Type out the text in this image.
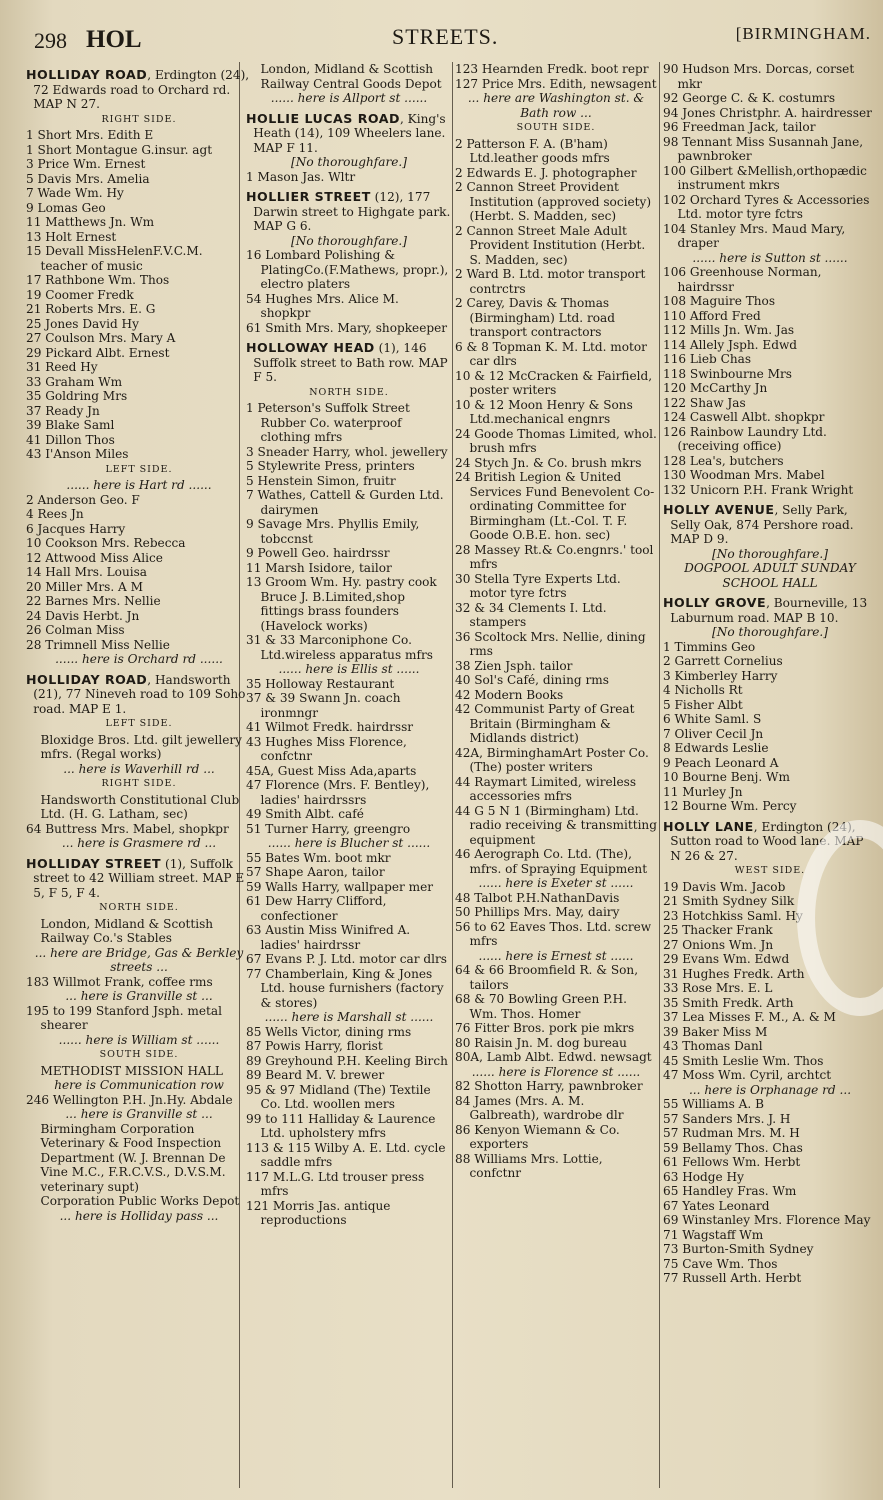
298 HOL	STREETS.	[BIRMINGHAM.
HOLLIDAY ROAD, Erdington (24), 72 Edwards road to Orchard rd. MAP N 27.
RIGHT SIDE.
1 Short Mrs. Edith E
1 Short Montague G.insur. agt
3 Price Wm. Ernest
5 Davis Mrs. Amelia
7 Wade Wm. Hy
9 Lomas Geo
11 Matthews Jn. Wm
13 Holt Ernest
15 Devall MissHelenF.V.C.M. teacher of music
17 Rathbone Wm. Thos
19 Coomer Fredk
21 Roberts Mrs. E. G
25 Jones David Hy
27 Coulson Mrs. Mary A
29 Pickard Albt. Ernest
31 Reed Hy
33 Graham Wm
35 Goldring Mrs
37 Ready Jn
39 Blake Saml
41 Dillon Thos
43 I'Anson Miles
LEFT SIDE.
...... here is Hart rd ......
2 Anderson Geo. F
4 Rees Jn
6 Jacques Harry
10 Cookson Mrs. Rebecca
12 Attwood Miss Alice
14 Hall Mrs. Louisa
20 Miller Mrs. A M
22 Barnes Mrs. Nellie
24 Davis Herbt. Jn
26 Colman Miss
28 Trimnell Miss Nellie
...... here is Orchard rd ......
HOLLIDAY ROAD, Handsworth (21), 77 Nineveh road to 109 Soho road. MAP E 1.
LEFT SIDE.
Bloxidge Bros. Ltd. gilt jewellery mfrs. (Regal works)
... here is Waverhill rd ...
RIGHT SIDE.
Handsworth Constitutional Club Ltd. (H. G. Latham, sec)
64 Buttress Mrs. Mabel, shopkpr
... here is Grasmere rd ...
HOLLIDAY STREET (1), Suffolk street to 42 William street. MAP E 5, F 5, F 4.
NORTH SIDE.
London, Midland & Scottish Railway Co.'s Stables
... here are Bridge, Gas & Berkley streets ...
183 Willmot Frank, coffee rms
... here is Granville st ...
195 to 199 Stanford Jsph. metal shearer
...... here is William st ......
SOUTH SIDE.
METHODIST MISSION HALL
here is Communication row
246 Wellington P.H. Jn.Hy. Abdale
... here is Granville st ...
Birmingham Corporation Veterinary & Food Inspection Department (W. J. Brennan De Vine M.C., F.R.C.V.S., D.V.S.M. veterinary supt)
Corporation Public Works Depot
... here is Holliday pass ...
London, Midland & Scottish Railway Central Goods Depot
...... here is Allport st ......
HOLLIE LUCAS ROAD, King's Heath (14), 109 Wheelers lane. MAP F 11.
[No thoroughfare.]
1 Mason Jas. Wltr
HOLLIER STREET (12), 177 Darwin street to Highgate park. MAP G 6.
[No thoroughfare.]
16 Lombard Polishing & PlatingCo.(F.Mathews, propr.), electro platers
54 Hughes Mrs. Alice M. shopkpr
61 Smith Mrs. Mary, shopkeeper
HOLLOWAY HEAD (1), 146 Suffolk street to Bath row. MAP F 5.
NORTH SIDE.
1 Peterson's Suffolk Street Rubber Co. waterproof clothing mfrs
3 Sneader Harry, whol. jewellery
5 Stylewrite Press, printers
5 Henstein Simon, fruitr
7 Wathes, Cattell & Gurden Ltd. dairymen
9 Savage Mrs. Phyllis Emily, tobccnst
9 Powell Geo. hairdrssr
11 Marsh Isidore, tailor
13 Groom Wm. Hy. pastry cook
Bruce J. B.Limited,shop fittings brass founders (Havelock works)
31 & 33 Marconiphone Co. Ltd.wireless apparatus mfrs
...... here is Ellis st ......
35 Holloway Restaurant
37 & 39 Swann Jn. coach ironmngr
41 Wilmot Fredk. hairdrssr
43 Hughes Miss Florence, confctnr
45A, Guest Miss Ada,aparts
47 Florence (Mrs. F. Bentley), ladies' hairdrssrs
49 Smith Albt. café
51 Turner Harry, greengro
...... here is Blucher st ......
55 Bates Wm. boot mkr
57 Shape Aaron, tailor
59 Walls Harry, wallpaper mer
61 Dew Harry Clifford, confectioner
63 Austin Miss Winifred A. ladies' hairdrssr
67 Evans P. J. Ltd. motor car dlrs
77 Chamberlain, King & Jones Ltd. house furnishers (factory & stores)
...... here is Marshall st ......
85 Wells Victor, dining rms
87 Powis Harry, florist
89 Greyhound P.H. Keeling Birch
89 Beard M. V. brewer
95 & 97 Midland (The) Textile Co. Ltd. woollen mers
99 to 111 Halliday & Laurence Ltd. upholstery mfrs
113 & 115 Wilby A. E. Ltd. cycle saddle mfrs
117 M.L.G. Ltd trouser press mfrs
121 Morris Jas. antique reproductions
123 Hearnden Fredk. boot repr
127 Price Mrs. Edith, newsagent
... here are Washington st. & Bath row ...
SOUTH SIDE.
2 Patterson F. A. (B'ham) Ltd.leather goods mfrs
2 Edwards E. J. photographer
2 Cannon Street Provident Institution (approved society) (Herbt. S. Madden, sec)
2 Cannon Street Male Adult Provident Institution (Herbt. S. Madden, sec)
2 Ward B. Ltd. motor transport contrctrs
2 Carey, Davis & Thomas (Birmingham) Ltd. road transport contractors
6 & 8 Topman K. M. Ltd. motor car dlrs
10 & 12 McCracken & Fairfield, poster writers
10 & 12 Moon Henry & Sons Ltd.mechanical engnrs
24 Goode Thomas Limited, whol. brush mfrs
24 Stych Jn. & Co. brush mkrs
24 British Legion & United Services Fund Benevolent Co-ordinating Committee for Birmingham (Lt.-Col. T. F. Goode O.B.E. hon. sec)
28 Massey Rt.& Co.engnrs.' tool mfrs
30 Stella Tyre Experts Ltd. motor tyre fctrs
32 & 34 Clements I. Ltd. stampers
36 Scoltock Mrs. Nellie, dining rms
38 Zien Jsph. tailor
40 Sol's Café, dining rms
42 Modern Books
42 Communist Party of Great Britain (Birmingham & Midlands district)
42A, BirminghamArt Poster Co. (The) poster writers
44 Raymart Limited, wireless accessories mfrs
44 G 5 N 1 (Birmingham) Ltd. radio receiving & transmitting equipment
46 Aerograph Co. Ltd. (The), mfrs. of Spraying Equipment
...... here is Exeter st ......
48 Talbot P.H.NathanDavis
50 Phillips Mrs. May, dairy
56 to 62 Eaves Thos. Ltd. screw mfrs
...... here is Ernest st ......
64 & 66 Broomfield R. & Son, tailors
68 & 70 Bowling Green P.H. Wm. Thos. Homer
76 Fitter Bros. pork pie mkrs
80 Raisin Jn. M. dog bureau
80A, Lamb Albt. Edwd. newsagt
...... here is Florence st ......
82 Shotton Harry, pawnbroker
84 James (Mrs. A. M. Galbreath), wardrobe dlr
86 Kenyon Wiemann & Co. exporters
88 Williams Mrs. Lottie, confctnr
90 Hudson Mrs. Dorcas, corset mkr
92 George C. & K. costumrs
94 Jones Christphr. A. hairdresser
96 Freedman Jack, tailor
98 Tennant Miss Susannah Jane, pawnbroker
100 Gilbert &Mellish,orthopædic instrument mkrs
102 Orchard Tyres & Accessories Ltd. motor tyre fctrs
104 Stanley Mrs. Maud Mary, draper
...... here is Sutton st ......
106 Greenhouse Norman, hairdrssr
108 Maguire Thos
110 Afford Fred
112 Mills Jn. Wm. Jas
114 Allely Jsph. Edwd
116 Lieb Chas
118 Swinbourne Mrs
120 McCarthy Jn
122 Shaw Jas
124 Caswell Albt. shopkpr
126 Rainbow Laundry Ltd. (receiving office)
128 Lea's, butchers
130 Woodman Mrs. Mabel
132 Unicorn P.H. Frank Wright
HOLLY AVENUE, Selly Park, Selly Oak, 874 Pershore road. MAP D 9.
[No thoroughfare.]
DOGPOOL ADULT SUNDAY SCHOOL HALL
HOLLY GROVE, Bourneville, 13 Laburnum road. MAP B 10.
[No thoroughfare.]
1 Timmins Geo
2 Garrett Cornelius
3 Kimberley Harry
4 Nicholls Rt
5 Fisher Albt
6 White Saml. S
7 Oliver Cecil Jn
8 Edwards Leslie
9 Peach Leonard A
10 Bourne Benj. Wm
11 Murley Jn
12 Bourne Wm. Percy
HOLLY LANE, Erdington (24), Sutton road to Wood lane. MAP N 26 & 27.
WEST SIDE.
19 Davis Wm. Jacob
21 Smith Sydney Silk
23 Hotchkiss Saml. Hy
25 Thacker Frank
27 Onions Wm. Jn
29 Evans Wm. Edwd
31 Hughes Fredk. Arth
33 Rose Mrs. E. L
35 Smith Fredk. Arth
37 Lea Misses F. M., A. & M
39 Baker Miss M
43 Thomas Danl
45 Smith Leslie Wm. Thos
47 Moss Wm. Cyril, archtct
... here is Orphanage rd ...
55 Williams A. B
57 Sanders Mrs. J. H
57 Rudman Mrs. M. H
59 Bellamy Thos. Chas
61 Fellows Wm. Herbt
63 Hodge Hy
65 Handley Fras. Wm
67 Yates Leonard
69 Winstanley Mrs. Florence May
71 Wagstaff Wm
73 Burton-Smith Sydney
75 Cave Wm. Thos
77 Russell Arth. Herbt
